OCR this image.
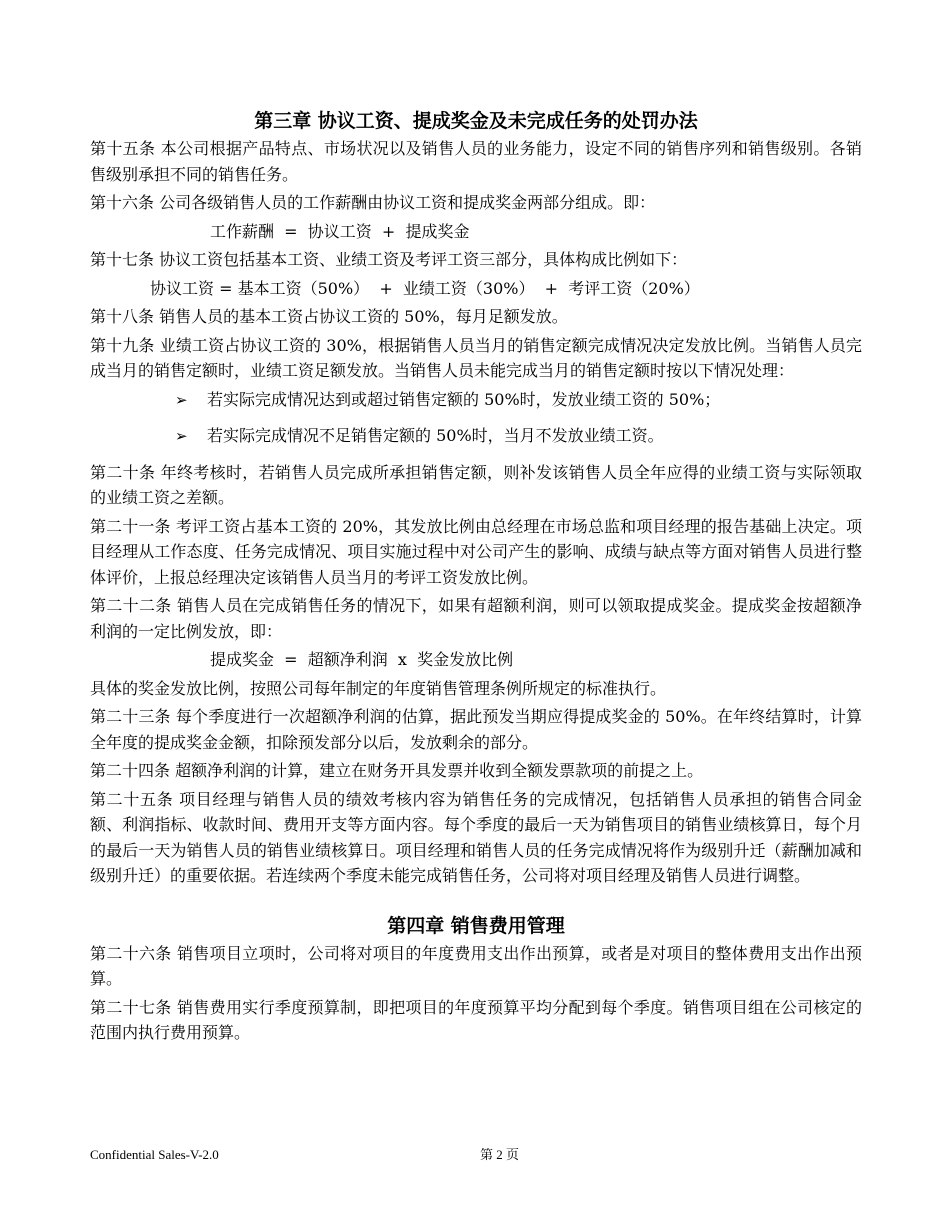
第三章 协议工资、提成奖金及未完成任务的处罚办法

第十五条 本公司根据产品特点、市场状况以及销售人员的业务能力，设定不同的销售序列和销售级别。各销售级别承担不同的销售任务。

第十六条 公司各级销售人员的工作薪酬由协议工资和提成奖金两部分组成。即：

工作薪酬  =  协议工资  +  提成奖金

第十七条 协议工资包括基本工资、业绩工资及考评工资三部分，具体构成比例如下：

协议工资 = 基本工资（50%）  +  业绩工资（30%）  +  考评工资（20%）

第十八条 销售人员的基本工资占协议工资的 50%，每月足额发放。

第十九条 业绩工资占协议工资的 30%，根据销售人员当月的销售定额完成情况决定发放比例。当销售人员完成当月的销售定额时，业绩工资足额发放。当销售人员未能完成当月的销售定额时按以下情况处理：

➢	若实际完成情况达到或超过销售定额的 50%时，发放业绩工资的 50%；
➢	若实际完成情况不足销售定额的 50%时，当月不发放业绩工资。

第二十条 年终考核时，若销售人员完成所承担销售定额，则补发该销售人员全年应得的业绩工资与实际领取的业绩工资之差额。

第二十一条 考评工资占基本工资的 20%，其发放比例由总经理在市场总监和项目经理的报告基础上决定。项目经理从工作态度、任务完成情况、项目实施过程中对公司产生的影响、成绩与缺点等方面对销售人员进行整体评价，上报总经理决定该销售人员当月的考评工资发放比例。

第二十二条 销售人员在完成销售任务的情况下，如果有超额利润，则可以领取提成奖金。提成奖金按超额净利润的一定比例发放，即：

提成奖金  =  超额净利润  x  奖金发放比例

具体的奖金发放比例，按照公司每年制定的年度销售管理条例所规定的标准执行。

第二十三条 每个季度进行一次超额净利润的估算，据此预发当期应得提成奖金的 50%。在年终结算时，计算全年度的提成奖金金额，扣除预发部分以后，发放剩余的部分。

第二十四条 超额净利润的计算，建立在财务开具发票并收到全额发票款项的前提之上。

第二十五条 项目经理与销售人员的绩效考核内容为销售任务的完成情况，包括销售人员承担的销售合同金额、利润指标、收款时间、费用开支等方面内容。每个季度的最后一天为销售项目的销售业绩核算日，每个月的最后一天为销售人员的销售业绩核算日。项目经理和销售人员的任务完成情况将作为级别升迁（薪酬加减和级别升迁）的重要依据。若连续两个季度未能完成销售任务，公司将对项目经理及销售人员进行调整。

第四章 销售费用管理

第二十六条 销售项目立项时，公司将对项目的年度费用支出作出预算，或者是对项目的整体费用支出作出预算。

第二十七条 销售费用实行季度预算制，即把项目的年度预算平均分配到每个季度。销售项目组在公司核定的范围内执行费用预算。

Confidential Sales-V-2.0	第 2 页
